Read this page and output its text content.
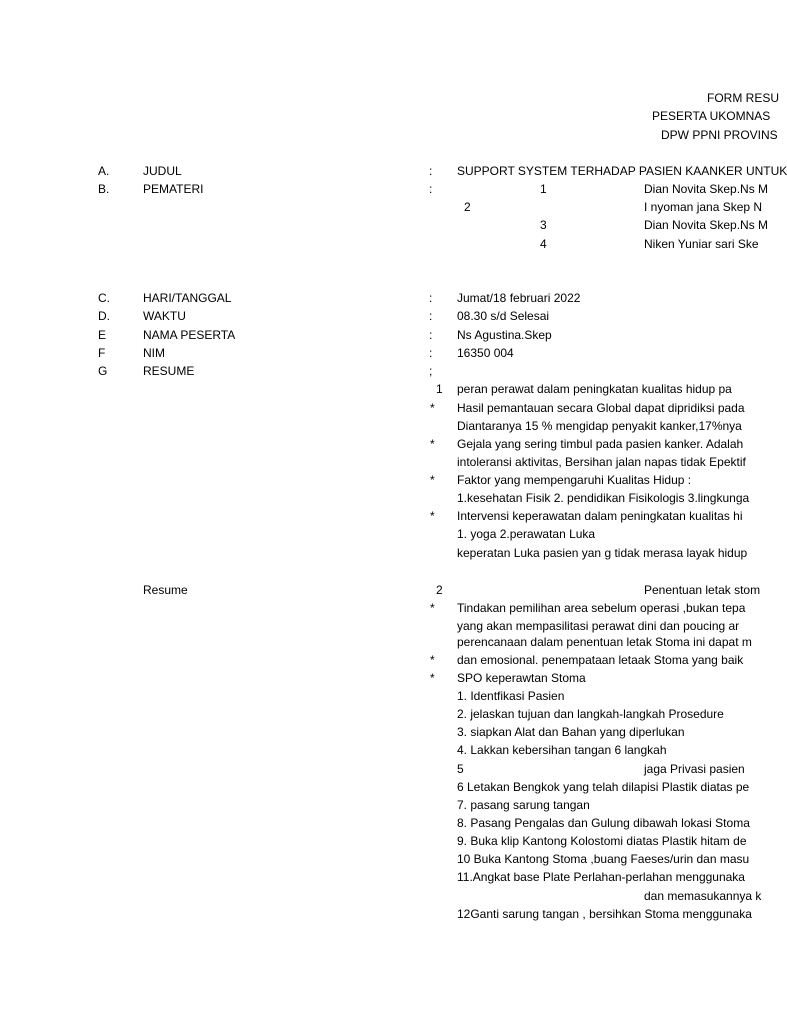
FORM RESU
PESERTA UKOMNAS
DPW PPNI PROVINS
A.	JUDUL	: SUPPORT SYSTEM TERHADAP PASIEN KAANKER UNTUK
B.	PEMATERI	:	1	Dian Novita Skep.Ns M
2	I nyoman jana Skep N
3	Dian Novita Skep.Ns M
4	Niken Yuniar sari Ske
C.	HARI/TANGGAL	: Jumat/18 februari 2022
D.	WAKTU	: 08.30 s/d Selesai
E	NAMA PESERTA	: Ns Agustina.Skep
F	NIM	: 16350 004
G	RESUME	;
1 peran perawat dalam peningkatan kualitas hidup pa
* Hasil pemantauan secara Global dapat dipridiksi pada
Diantaranya 15 % mengidap penyakit kanker,17%nya
* Gejala yang sering timbul pada pasien kanker. Adalah
intoleransi aktivitas, Bersihan jalan napas tidak Epektif
* Faktor yang mempengaruhi Kualitas Hidup :
1.kesehatan Fisik 2. pendidikan Fisikologis 3.lingkunga
* Intervensi keperawatan dalam peningkatan kualitas hi
1. yoga 2.perawatan Luka
keperatan Luka pasien yan g tidak merasa layak hidup
Resume	2	Penentuan letak stom
* Tindakan pemilihan area sebelum operasi ,bukan tepa
yang akan mempasilitasi perawat dini dan poucing ar
perencanaan dalam penentuan letak Stoma ini dapat m
* dan emosional. penempataan letaak Stoma yang baik
* SPO keperawtan Stoma
1. Identfikasi Pasien
2. jelaskan tujuan dan langkah-langkah Prosedure
3. siapkan Alat dan Bahan yang diperlukan
4. Lakkan kebersihan tangan 6 langkah
5	jaga Privasi pasien
6 Letakan Bengkok yang telah dilapisi Plastik diatas pe
7. pasang sarung tangan
8. Pasang Pengalas dan Gulung dibawah lokasi Stoma
9. Buka klip Kantong Kolostomi diatas Plastik hitam de
10 Buka Kantong Stoma ,buang Faeses/urin dan masu
11.Angkat base Plate Perlahan-perlahan menggunaka
dan memasukannya k
12Ganti sarung tangan , bersihkan Stoma menggunaka
